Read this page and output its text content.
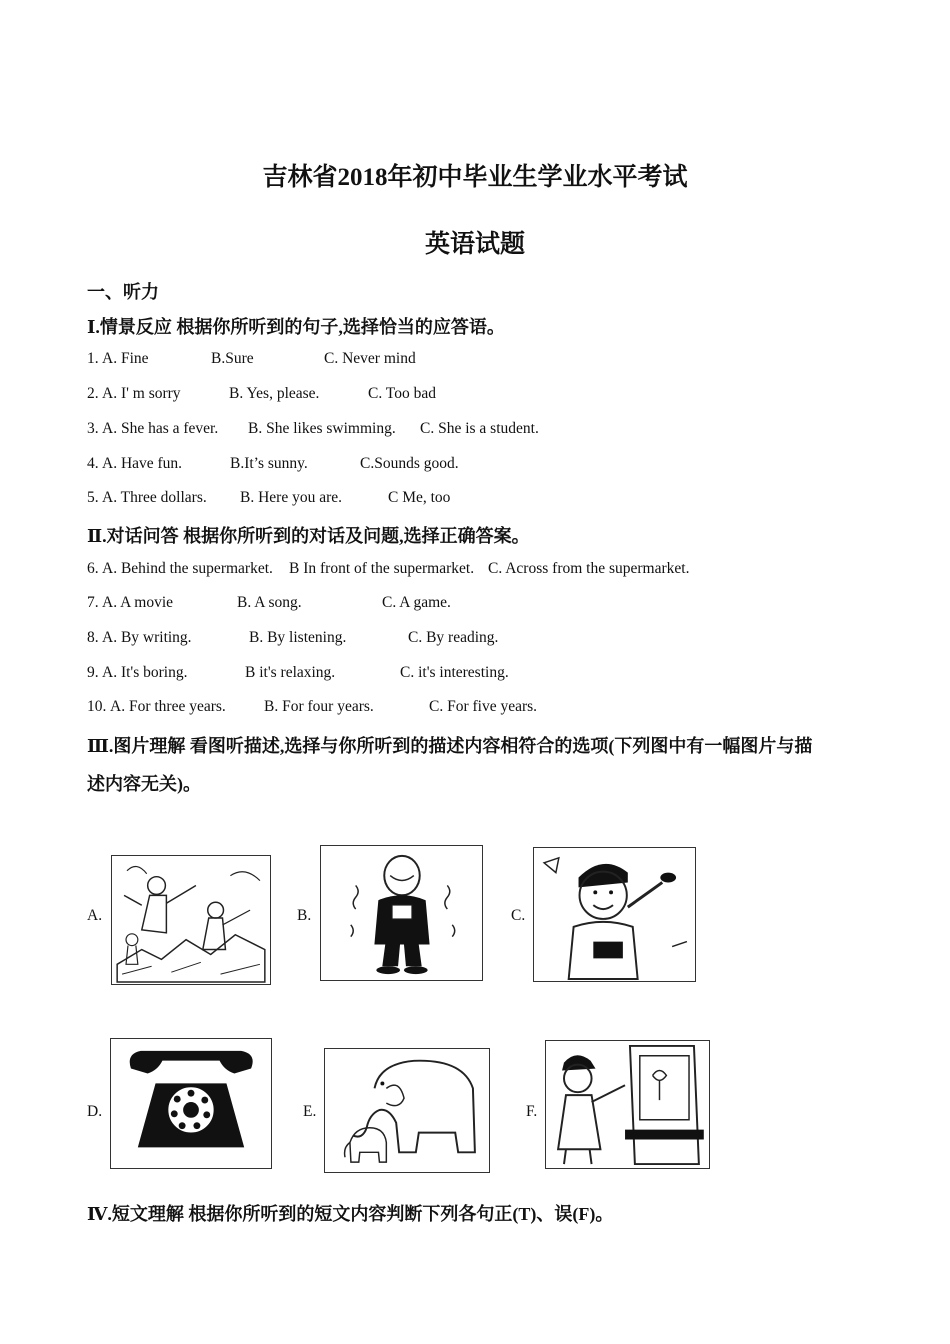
吉林省2018年初中毕业生学业水平考试
英语试题
一、听力
Ⅰ.情景反应 根据你所听到的句子,选择恰当的应答语。
1. A. Fine	B.Sure	C. Never mind
2. A. I' m sorry	B. Yes, please.	C. Too bad
3. A. She has a fever. B. She likes swimming. C. She is a student.
4. A. Have fun.	B.It’s sunny.	C.Sounds good.
5. A. Three dollars. B. Here you are.	C Me, too
Ⅱ.对话问答 根据你所听到的对话及问题,选择正确答案。
6. A. Behind the supermarket. B In front of the supermarket. C. Across from the supermarket.
7. A. A movie	B. A song.	C. A game.
8. A. By writing.	B. By listening.	C. By reading.
9. A. It's boring.	B it's relaxing.	C. it's interesting.
10. A. For three years. B. For four years.	C. For five years.
Ⅲ.图片理解 看图听描述,选择与你所听到的描述内容相符合的选项(下列图中有一幅图片与描
述内容无关)。
A.	B.	C.
D.	E.	F.
Ⅳ.短文理解 根据你所听到的短文内容判断下列各句正(T)、误(F)。
